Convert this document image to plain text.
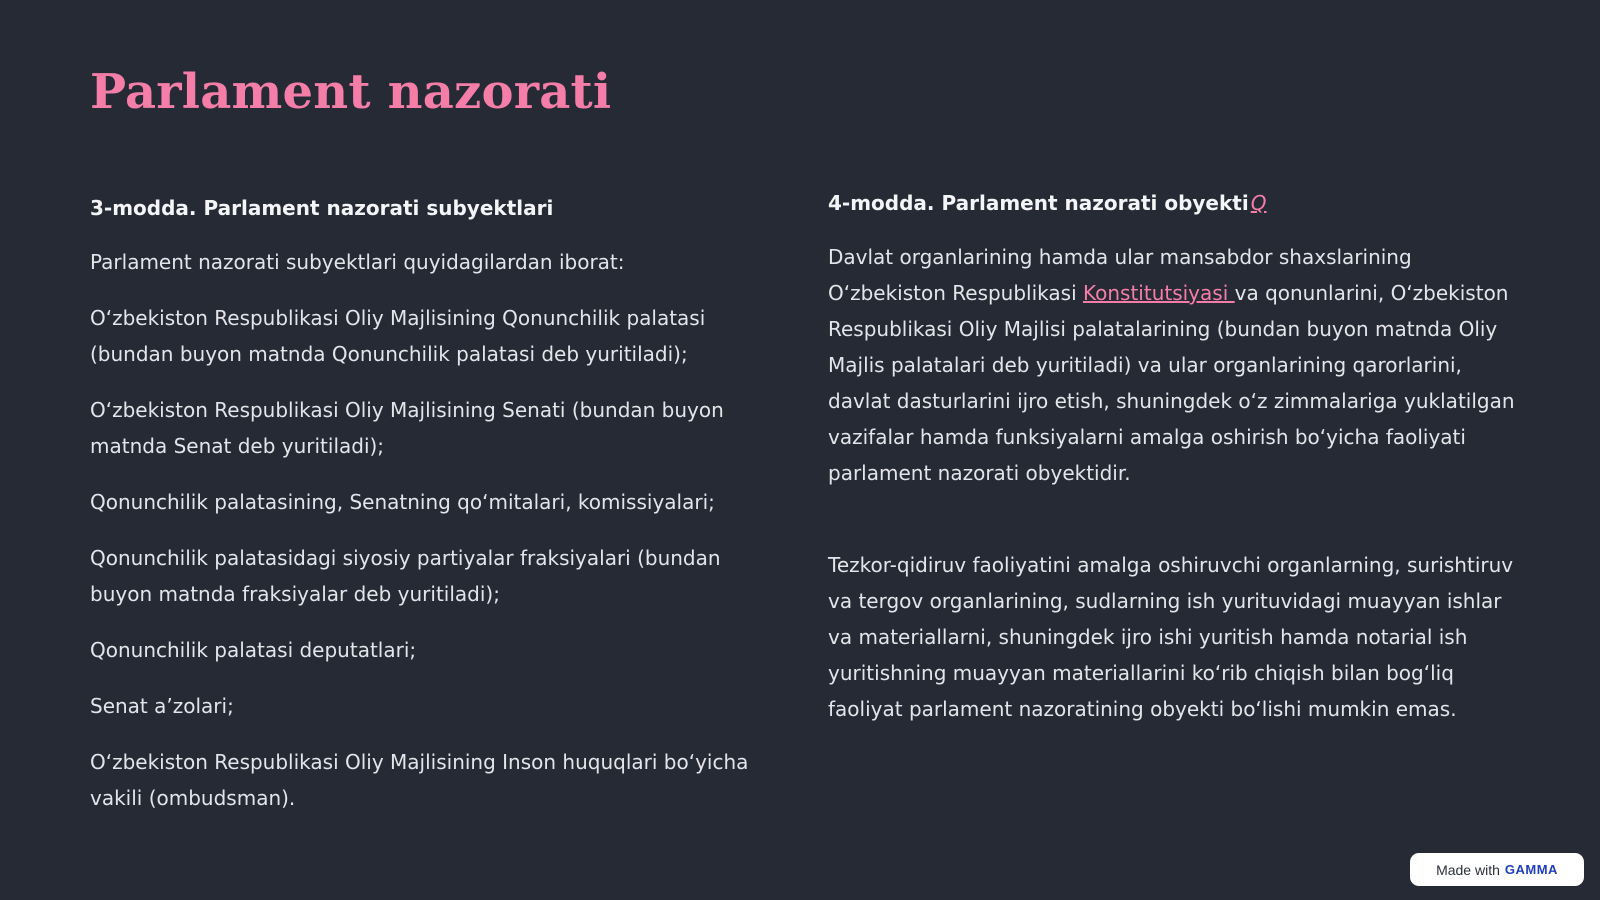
Parlament nazorati
3-modda. Parlament nazorati subyektlari

Parlament nazorati subyektlari quyidagilardan iborat:

O‘zbekiston Respublikasi Oliy Majlisining Qonunchilik palatasi (bundan buyon matnda Qonunchilik palatasi deb yuritiladi);

O‘zbekiston Respublikasi Oliy Majlisining Senati (bundan buyon matnda Senat deb yuritiladi);

Qonunchilik palatasining, Senatning qo‘mitalari, komissiyalari;

Qonunchilik palatasidagi siyosiy partiyalar fraksiyalari (bundan buyon matnda fraksiyalar deb yuritiladi);

Qonunchilik palatasi deputatlari;

Senat a’zolari;

O‘zbekiston Respublikasi Oliy Majlisining Inson huquqlari bo‘yicha vakili (ombudsman).

4-modda. Parlament nazorati obyekti Q

Davlat organlarining hamda ular mansabdor shaxslarining O‘zbekiston Respublikasi Konstitutsiyasi va qonunlarini, O‘zbekiston Respublikasi Oliy Majlisi palatalarining (bundan buyon matnda Oliy Majlis palatalari deb yuritiladi) va ular organlarining qarorlarini, davlat dasturlarini ijro etish, shuningdek o‘z zimmalariga yuklatilgan vazifalar hamda funksiyalarni amalga oshirish bo‘yicha faoliyati parlament nazorati obyektidir.

Tezkor-qidiruv faoliyatini amalga oshiruvchi organlarning, surishtiruv va tergov organlarining, sudlarning ish yurituvidagi muayyan ishlar va materiallarni, shuningdek ijro ishi yuritish hamda notarial ish yuritishning muayyan materiallarini ko‘rib chiqish bilan bog‘liq faoliyat parlament nazoratining obyekti bo‘lishi mumkin emas.

Made with GAMMA
